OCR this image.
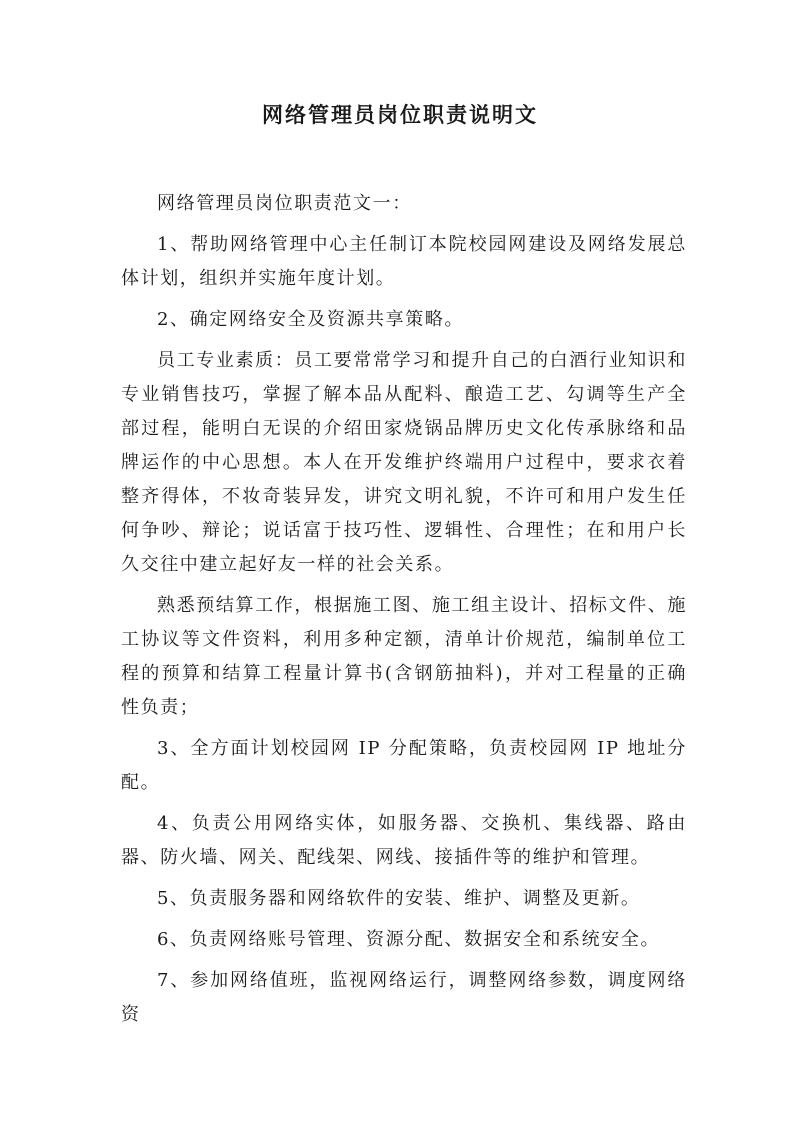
网络管理员岗位职责说明文

网络管理员岗位职责范文一：

1、帮助网络管理中心主任制订本院校园网建设及网络发展总体计划，组织并实施年度计划。

2、确定网络安全及资源共享策略。

员工专业素质：员工要常常学习和提升自己的白酒行业知识和专业销售技巧，掌握了解本品从配料、酿造工艺、勾调等生产全部过程，能明白无误的介绍田家烧锅品牌历史文化传承脉络和品牌运作的中心思想。本人在开发维护终端用户过程中，要求衣着整齐得体，不妆奇装异发，讲究文明礼貌，不许可和用户发生任何争吵、辩论；说话富于技巧性、逻辑性、合理性；在和用户长久交往中建立起好友一样的社会关系。

熟悉预结算工作，根据施工图、施工组主设计、招标文件、施工协议等文件资料，利用多种定额，清单计价规范，编制单位工程的预算和结算工程量计算书(含钢筋抽料)，并对工程量的正确性负责；

3、全方面计划校园网 IP 分配策略，负责校园网 IP 地址分配。

4、负责公用网络实体，如服务器、交换机、集线器、路由器、防火墙、网关、配线架、网线、接插件等的维护和管理。

5、负责服务器和网络软件的安装、维护、调整及更新。

6、负责网络账号管理、资源分配、数据安全和系统安全。

7、参加网络值班，监视网络运行，调整网络参数，调度网络资
